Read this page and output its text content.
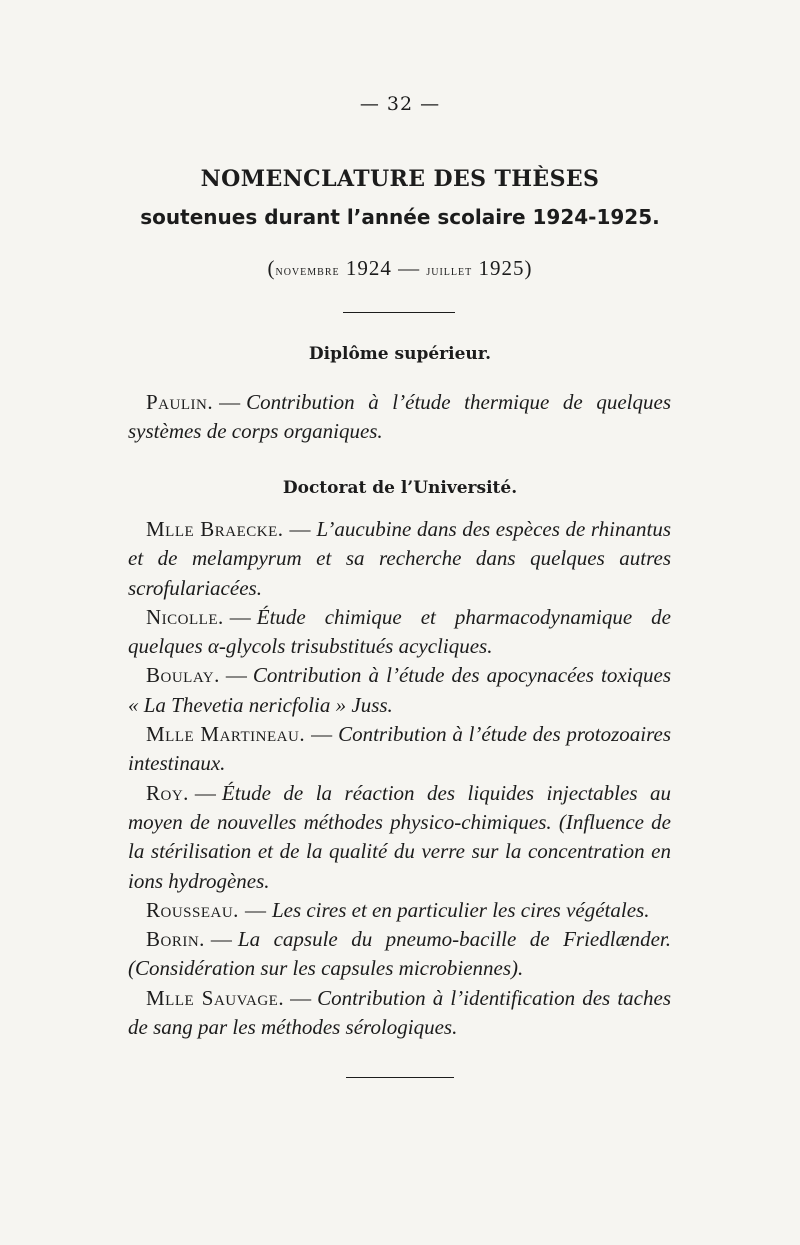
— 32 —
NOMENCLATURE DES THÈSES
soutenues durant l’année scolaire 1924-1925.
(novembre 1924 — juillet 1925)
Diplôme supérieur.

Paulin. — Contribution à l’étude thermique de quelques systèmes de corps organiques.

Doctorat de l’Université.

Mlle Braecke. — L’aucubine dans des espèces de rhinantus et de melampyrum et sa recherche dans quelques autres scrofulariacées.

Nicolle. — Étude chimique et pharmacodynamique de quelques α-glycols trisubstitués acycliques.

Boulay. — Contribution à l’étude des apocynacées toxiques « La Thevetia nericfolia » Juss.

Mlle Martineau. — Contribution à l’étude des protozoaires intestinaux.

Roy. — Étude de la réaction des liquides injectables au moyen de nouvelles méthodes physico-chimiques. (Influence de la stérilisation et de la qualité du verre sur la concentration en ions hydrogènes.

Rousseau. — Les cires et en particulier les cires végétales.

Borin. — La capsule du pneumo-bacille de Friedlænder. (Considération sur les capsules microbiennes).

Mlle Sauvage. — Contribution à l’identification des taches de sang par les méthodes sérologiques.
